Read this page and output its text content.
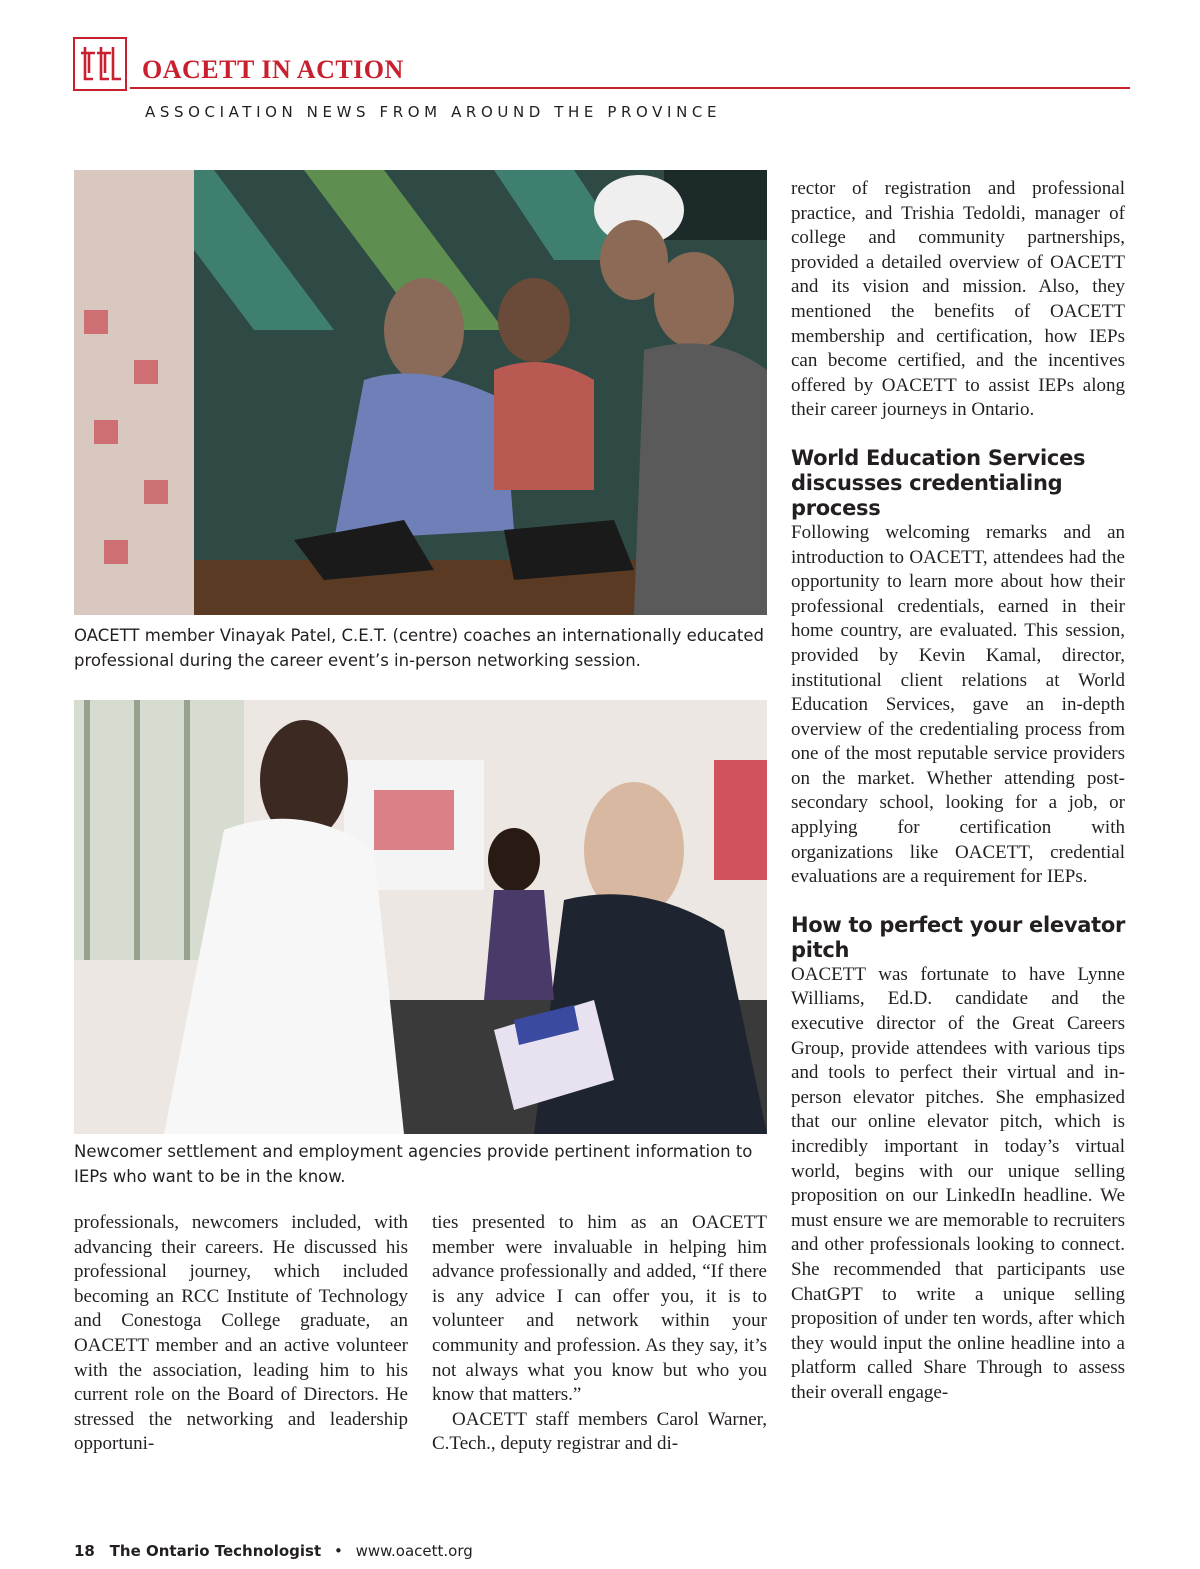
OACETT IN ACTION
ASSOCIATION NEWS FROM AROUND THE PROVINCE

OACETT member Vinayak Patel, C.E.T. (centre) coaches an internationally educated professional during the career event’s in-person networking session.

Newcomer settlement and employment agencies provide pertinent information to IEPs who want to be in the know.

professionals, newcomers included, with advancing their careers. He discussed his professional journey, which included becoming an RCC Institute of Technology and Conestoga College graduate, an OACETT member and an active volunteer with the association, leading him to his current role on the Board of Directors. He stressed the networking and leadership opportuni-

ties presented to him as an OACETT member were invaluable in helping him advance professionally and added, “If there is any advice I can offer you, it is to volunteer and network within your community and profession. As they say, it’s not always what you know but who you know that matters.”

OACETT staff members Carol Warner, C.Tech., deputy registrar and di-

rector of registration and professional practice, and Trishia Tedoldi, manager of college and community partnerships, provided a detailed overview of OACETT and its vision and mission. Also, they mentioned the benefits of OACETT membership and certification, how IEPs can become certified, and the incentives offered by OACETT to assist IEPs along their career journeys in Ontario.

World Education Services discusses credentialing process

Following welcoming remarks and an introduction to OACETT, attendees had the opportunity to learn more about how their professional credentials, earned in their home country, are evaluated. This session, provided by Kevin Kamal, director, institutional client relations at World Education Services, gave an in-depth overview of the credentialing process from one of the most reputable service providers on the market. Whether attending post-secondary school, looking for a job, or applying for certification with organizations like OACETT, credential evaluations are a requirement for IEPs.

How to perfect your elevator pitch

OACETT was fortunate to have Lynne Williams, Ed.D. candidate and the executive director of the Great Careers Group, provide attendees with various tips and tools to perfect their virtual and in-person elevator pitches. She emphasized that our online elevator pitch, which is incredibly important in today’s virtual world, begins with our unique selling proposition on our LinkedIn headline. We must ensure we are memorable to recruiters and other professionals looking to connect. She recommended that participants use ChatGPT to write a unique selling proposition of under ten words, after which they would input the online headline into a platform called Share Through to assess their overall engage-

18 The Ontario Technologist • www.oacett.org
